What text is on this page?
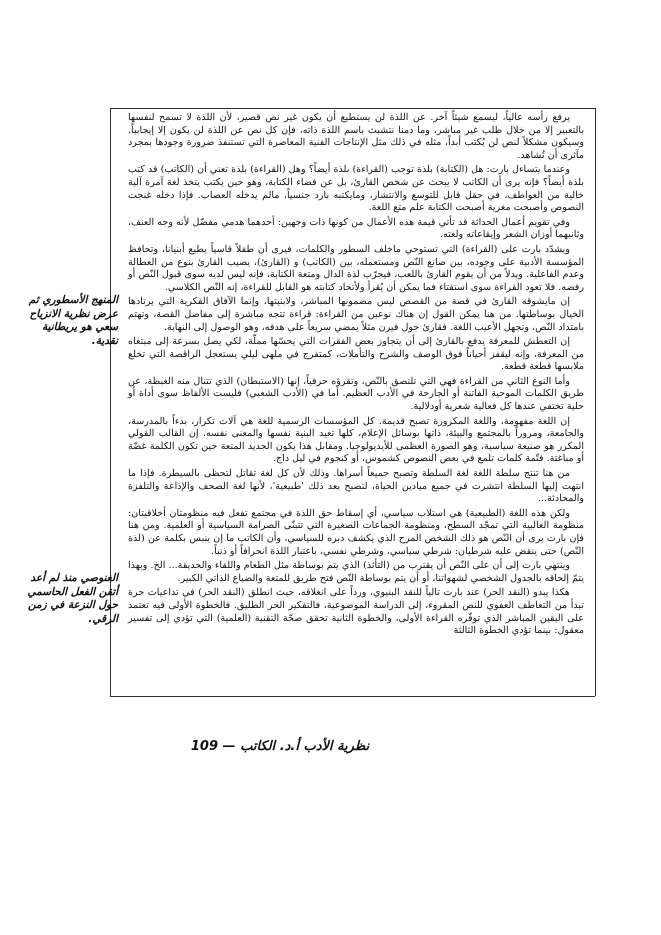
يرفع رأسه عالياً، ليسمع شيئاً آخر. عن اللذة لن يستطيع أن يكون غير نص قصير، لأن اللذة لا تسمح لنفسها بالتعبير إلا من خلال طلب غير مباشر، وما دمنا نتشبث باسم اللذة ذاته، فإن كل نص عن اللذة لن يكون إلا إيجابياً. وسيكون مشكلاً لنص لن يُكتب أبداً، مثله في ذلك مثل الإنتاجات الفنية المعاصرة التي تستنفذ ضرورة وجودها بمجرد مآثرى أن تُشاهد.

وعندما يتساءل بارت: هل (الكتابة) بلذة توجب (القراءة) بلذة أيضاً؟ وهل (القراءة) بلذة تعني أن (الكاتب) قد كتب بلذة أيضاً؟ فإنه يرى أن الكاتب لا يبحث عن شخص القارئ، بل عن فضاء الكتابة، وهو حين يكتب يتخذ لغة آمرة آلية خالية من العواطف، في حقل قابل للتوسع والانتشار، ومايكتبه بارد جنسياً، مالم يدخله العصاب. فإذا دخله غنجت النصوص وأصبحت مغرية أصبحت الكتابة علم متع اللغة.

وفي تقويم أعمال الحداثة قد تأتي قيمة هذه الأعمال من كونها ذات وجهين: أحدهما هدمي مفضّل لأنه وجه العنف، وثانيهما أوزان الشعر وإيقاعاته ولغته.

ويشدّد بارت على (القراءة) التي تستوحي ماخلف السطور والكلمات، فيرى أن طفلاً قاسياً يطيع أبنيانا، وتحافظ المؤسسة الأدبية على وجوده، بين صانع النّص ومستعمله، بين (الكاتب) و (القارئ)، يصيب القارئ بنوع من العطالة وعدم الفاعلية. وبدلاً من أن يقوم القارئ باللعب، فيجرّب لذة الدال ومتعة الكتابة، فإنه ليس لديه سوى قبول النّص أو رفضه. فلا تعود القراءة سوى استفتاء فما يمكن أن يُقرأ ولأتحاد كتابته هو القابل للقراءة، إنه النّص الكلاسي.

إن مايشوقه القارئ في قصة من القصص ليس مضمونها المباشر، ولابنيتها، وإنما الآفاق الفكرية التي يرتادها الخيال بوساطتها. من هنا يمكن القول إن هناك نوعين من القراءة: قراءة تتجه مباشرة إلى مفاصل القصة، وتهتم بامتداد النّص، وتجهل الأعيب اللغة. فقارئ جول فيرن مثلاً يمضي سريعاً على هدفه، وهو الوصول إلى النهاية.

إن التعطش للمعرفة يدفع بالقارئ إلى أن يتجاوز بعض الفقرات التي يحسّها مملّة، لكي يصل بسرعة إلى مبتغاه من المعرفة، وإنه ليقفز أحياناً فوق الوصف والشرح والتأملات، كمتفرج في ملهى ليلي يستعجل الراقصة التي تخلع ملابسها قطعة قطعة.

وأما النوع الثاني من القراءة فهي التي تلتصق بالنّص، وتقرؤه حرفياً، إنها (الاستبطان) الذي تتنال منه الغبطة، عن طريق الكلمات الموحية الفاتنة أو الجارحة في الأدب العظيم. أما في (الأدب الشعبي) فليست الألفاظ سوى أداة أو حلية تختفي عندها كل فعالية شعرية أودلالية.

إن اللغة مفهومة، واللغة المكرورة تصبح قديمة. كل المؤسسات الرسمية للغة هي آلات تكرار، بدءاً بالمدرسة، والجامعة، ومروراً بالمجتمع والبيئة، ذاتها بوسائل الإعلام، كلها تعيد البنية نفسها والمعنى نفسه. إن القالب القولي المكرر هو صنيعة سياسية، وهو الصورة العظمى للأيديولوجيا. ومقابل هذا يكون الجديد المتعة حين تكون الكلمة غضّة أو مباغتة. فتّمة كلمات تلمع في بعض النصوص كشموس، أو كنجوم في ليل داج.

من هنا تنتج سلطة اللغة لغة السلطة وتصبح جميعاً أسراها. وذلك لأن كل لغة تقاتل لتحظى بالسيطرة. فإذا ما انتهت إليها السلطة انتشرت في جميع ميادين الحياة، لتصبح بعد ذلك 'طبيعية'، لأنها لغة الصحف والإذاعة والتلفزة والمحادثة...

ولكن هذه اللغة (الطبيعية) هي استلاب سياسي، أي إسقاط حق اللذة في مجتمع تفعل فيه منظومتان أخلاقيتان: منظومة الغالبية التي تمجّد السطح، ومنظومة الجماعات الصغيرة التي تتبنّى الصرامة السياسية أو العلمية. ومن هنا فإن بارت يرى أن النّص هو ذلك الشخص المرح الذي يكشف دبره للسياسي، وأن الكاتب ما إن ينبس بكلمة عن (لذة النّص) حتى ينقض عليه شرطيان: شرطي سياسي، وشرطي نفسي، باعتبار اللذة انحرافاً أو ذنباً.

وينتهي بارت إلى أن على النّص أن يقترب من (التأثذ) الذي يتم بوساطة مثل الطعام واللقاء والحديقة... الخ. وبهذا يتمّ إلحاقه بالجدول الشخصي لشهواتنا، أو أن يتم بوساطة النّص فتح طريق للمتعة والضياع الذاتي الكبير.

هكذا يبدو (النقد الحر) عند بارت تالياً للنقد البنيوي، ورداً على انغلاقه، حيث انطلق (النقد الحر) في تداعيات حرة تبدأ من التعاطف العفوي للنص المقروء، إلى الدراسة الموضوعية، فالتفكير الحر الطليق. فالخطوة الأولى فيه تعتمد على اليقين المباشر الذي توفّره القراءة الأولى، والخطوة الثانية تحقق صحّة التقنية (العلمية) التي تؤدي إلى تفسير معقول: بينما تؤدي الخطوة الثالثة

المنهج الأسطوري ثم عرض نظرية الانزياح سعي هو يريطانية نقدية.
الغنوصي منذ لم أعد أتقن الفعل الحاسمي حول النزعة في زمن الرقي.
نظرية الأدب أ.د. الكاتب — 109
